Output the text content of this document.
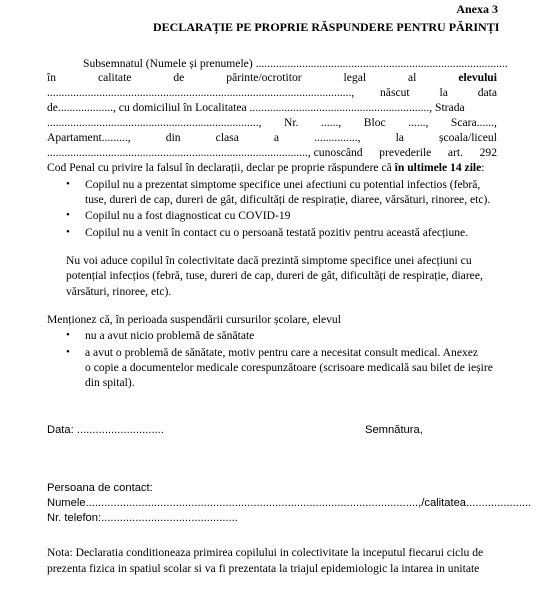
Anexa 3
DECLARAȚIE PE PROPRIE RĂSPUNDERE PENTRU PĂRINȚI
Subsemnatul (Numele și prenumele) .......................................................................................
în	calitate	de	părinte/ocrotitor	legal	al	elevului
........................................................................................................., născut	la	data
de..................., cu domiciliul în Localitatea .............................................................., Strada
........................................................................., Nr. ......, Bloc ......, Scara......,
Apartament.........,	din	clasa	a	...............,	la	școala/liceul
.........................................................................................., cunoscând prevederile art. 292
Cod Penal cu privire la falsul în declarații, declar pe proprie răspundere că în ultimele 14 zile:
• Copilul nu a prezentat simptome specifice unei afectiuni cu potential infectios (febră,
tuse, dureri de cap, dureri de gât, dificultăți de respirație, diaree, vărsături, rinoree, etc).
• Copilul nu a fost diagnosticat cu COVID-19
• Copilul nu a venit în contact cu o persoană testată pozitiv pentru această afecțiune.
Nu voi aduce copilul în colectivitate dacă prezintă simptome specifice unei afecțiuni cu
potențial infecțios (febră, tuse, dureri de cap, dureri de gât, dificultăți de respirație, diaree,
vărsături, rinoree, etc).
Menționez că, în perioada suspendării cursurilor școlare, elevul
• nu a avut nicio problemă de sănătate
• a avut o problemă de sănătate, motiv pentru care a necesitat consult medical. Anexez
o copie a documentelor medicale corespunzătoare (scrisoare medicală sau bilet de ieșire
din spital).
Data: ............................	Semnătura,
Persoana de contact:
Numele...........................................................................................................,/calitatea.....................
Nr. telefon:............................................
Nota: Declaratia conditioneaza primirea copilului in colectivitate la inceputul fiecarui ciclu de
prezenta fizica in spatiul scolar si va fi prezentata la triajul epidemiologic la intarea in unitate
